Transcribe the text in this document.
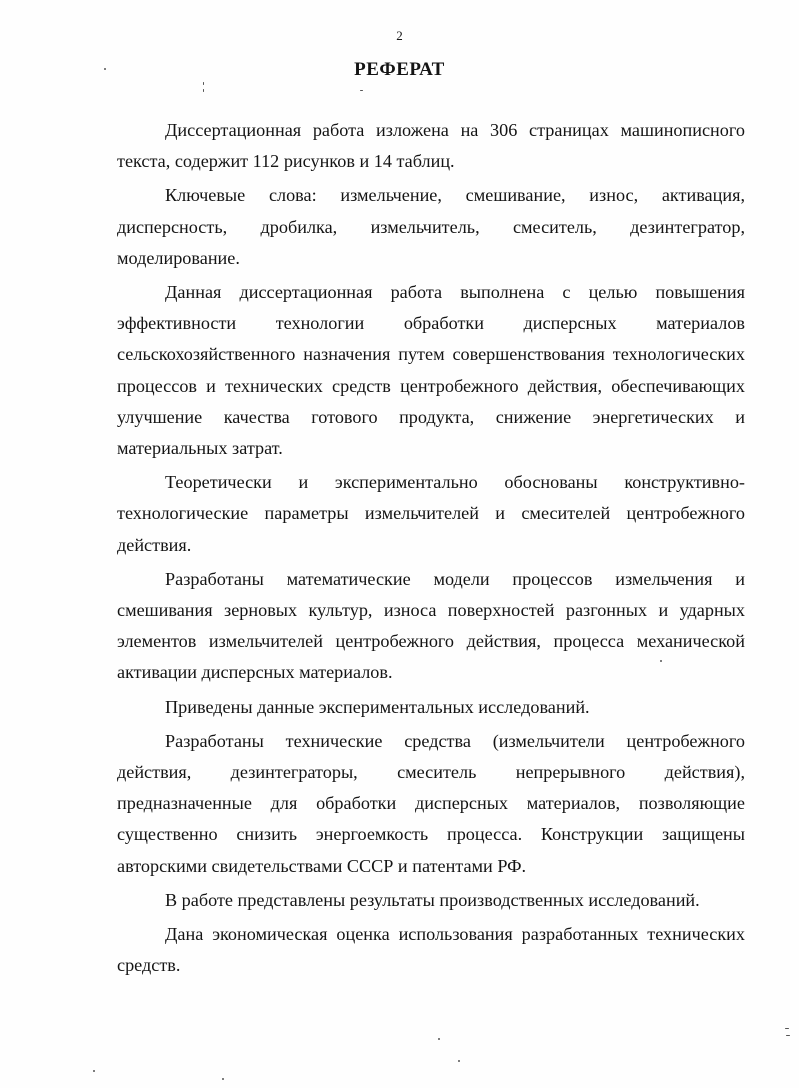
2
РЕФЕРАТ

Диссертационная работа изложена на 306 страницах машинописного текста, содержит 112 рисунков и 14 таблиц.

Ключевые слова: измельчение, смешивание, износ, активация, дисперсность, дробилка, измельчитель, смеситель, дезинтегратор, моделирование.

Данная диссертационная работа выполнена с целью повышения эффективности технологии обработки дисперсных материалов сельскохозяйственного назначения путем совершенствования технологических процессов и технических средств центробежного действия, обеспечивающих улучшение качества готового продукта, снижение энергетических и материальных затрат.

Теоретически и экспериментально обоснованы конструктивно-технологические параметры измельчителей и смесителей центробежного действия.

Разработаны математические модели процессов измельчения и смешивания зерновых культур, износа поверхностей разгонных и ударных элементов измельчителей центробежного действия, процесса механической активации дисперсных материалов.

Приведены данные экспериментальных исследований.

Разработаны технические средства (измельчители центробежного действия, дезинтеграторы, смеситель непрерывного действия), предназначенные для обработки дисперсных материалов, позволяющие существенно снизить энергоемкость процесса. Конструкции защищены авторскими свидетельствами СССР и патентами РФ.

В работе представлены результаты производственных исследований.

Дана экономическая оценка использования разработанных технических средств.
